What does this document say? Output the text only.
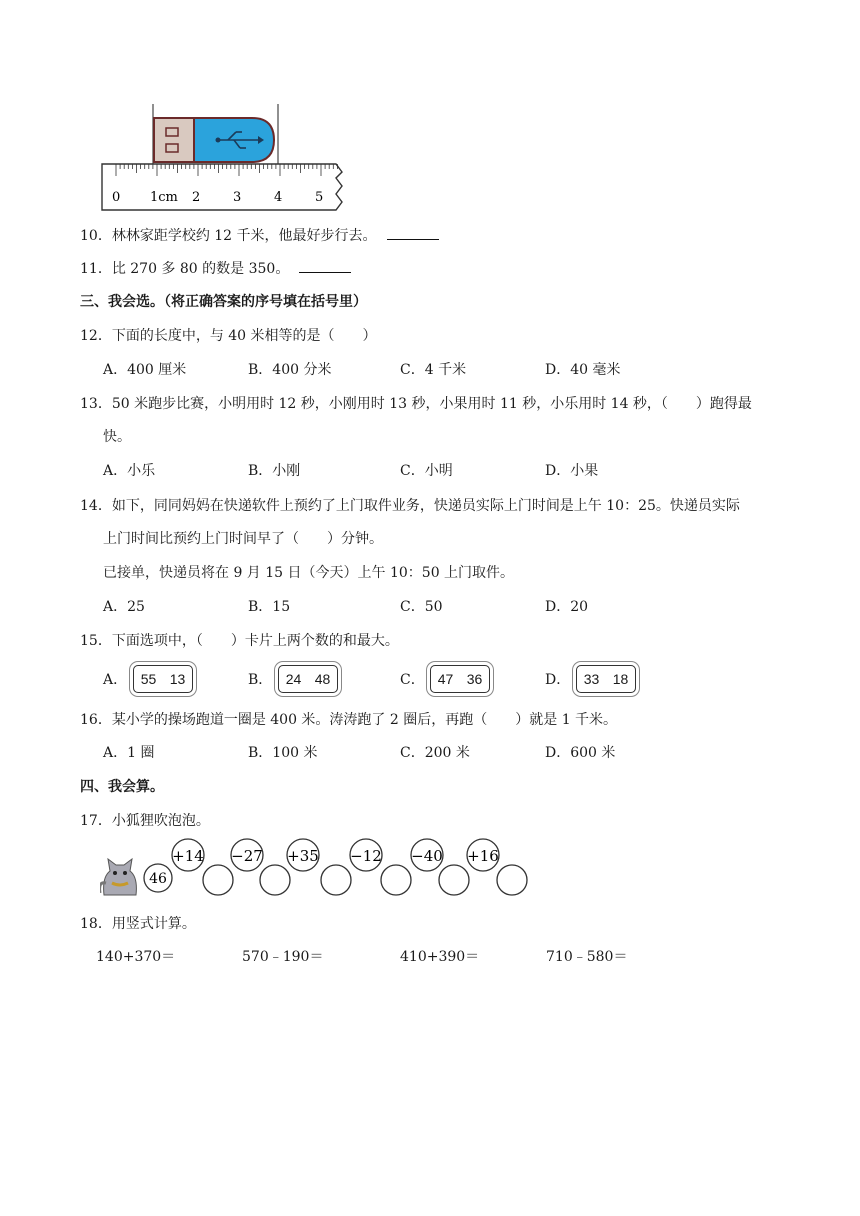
0 1cm 2	3	4	5
10．林林家距学校约 12 千米，他最好步行去。
11．比 270 多 80 的数是 350。
三、我会选。（将正确答案的序号填在括号里）
12．下面的长度中，与 40 米相等的是（　　）
A．400 厘米	B．400 分米	C．4 千米	D．40 毫米
13．50 米跑步比赛，小明用时 12 秒，小刚用时 13 秒，小果用时 11 秒，小乐用时 14 秒，（　　）跑得最
快。
A．小乐	B．小刚	C．小明	D．小果
14．如下，同同妈妈在快递软件上预约了上门取件业务，快递员实际上门时间是上午 10：25。快递员实际
上门时间比预约上门时间早了（　　）分钟。
已接单，快递员将在 9 月 15 日（今天）上午 10：50 上门取件。
A．25	B．15	C．50	D．20
15．下面选项中，（　　）卡片上两个数的和最大。
A． 55 13	B． 24 48	C． 47 36	D． 33 18
16．某小学的操场跑道一圈是 400 米。涛涛跑了 2 圈后，再跑（　　）就是 1 千米。
A．1 圈	B．100 米	C．200 米	D．600 米
四、我会算。
17．小狐狸吹泡泡。
46
+14 −27 +35 −12 −40 +16
18．用竖式计算。
140+370＝	570﹣190＝	410+390＝	710﹣580＝
